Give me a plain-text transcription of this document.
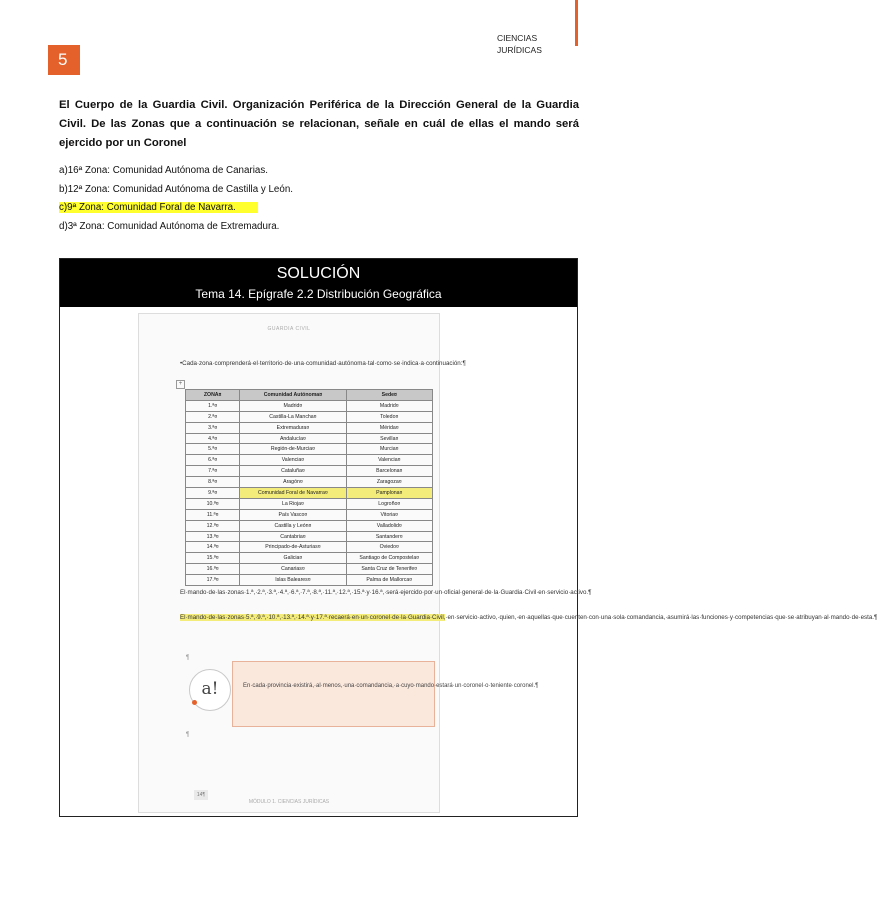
CIENCIAS
JURÍDICAS
5
El Cuerpo de la Guardia Civil. Organización Periférica de la Dirección General de la Guardia Civil. De las Zonas que a continuación se relacionan, señale en cuál de ellas el mando será ejercido por un Coronel
a)16ª Zona: Comunidad Autónoma de Canarias.
b)12ª Zona: Comunidad Autónoma de Castilla y León.
c)9ª Zona: Comunidad Foral de Navarra.
d)3ª Zona: Comunidad Autónoma de Extremadura.
SOLUCIÓN
Tema 14. Epígrafe 2.2 Distribución Geográfica
GUARDIA CIVIL
•Cada·zona·comprenderá·el·territorio·de·una·comunidad·autónoma·tal·como·se·indica·a·continuación:¶
+
ZONA¤	Comunidad Autónoma¤	Sede¤
1.ª¤	Madrid¤	Madrid¤
2.ª¤	Castilla-La Mancha¤	Toledo¤
3.ª¤	Extremadura¤	Mérida¤
4.ª¤	Andalucía¤	Sevilla¤
5.ª¤	Región-de-Murcia¤	Murcia¤
6.ª¤	Valencia¤	Valencia¤
7.ª¤	Cataluña¤	Barcelona¤
8.ª¤	Aragón¤	Zaragoza¤
9.ª¤	Comunidad Foral de Navarra¤	Pamplona¤
10.ª¤	La Rioja¤	Logroño¤
11.ª¤	País Vasco¤	Vitoria¤
12.ª¤	Castilla y León¤	Valladolid¤
13.ª¤	Cantabria¤	Santander¤
14.ª¤	Principado-de-Asturias¤	Oviedo¤
15.ª¤	Galicia¤	Santiago de Compostela¤
16.ª¤	Canarias¤	Santa Cruz de Tenerife¤
17.ª¤	Islas Baleares¤	Palma de Mallorca¤
El·mando·de·las·zonas·1.ª,·2.ª,·3.ª,·4.ª,·6.ª,·7.ª,·8.ª,·11.ª,·12.ª,·15.ª·y·16.ª,·será·ejercido·por·un·oficial·general·de·la·Guardia·Civil·en·servicio·activo.¶
El·mando·de·las·zonas·5.ª,·9.ª,·10.ª,·13.ª,·14.ª·y·17.ª·recaerá·en·un·coronel·de·la·Guardia·Civil,·en·servicio·activo,·quien,·en·aquellas·que·cuenten·con·una·sola·comandancia,·asumirá·las·funciones·y·competencias·que·se·atribuyan·al·mando·de·esta.¶
¶
En·cada·provincia·existirá,·al·menos,·una·comandancia,·a·cuyo·mando·estará·un·coronel·o·teniente·coronel.¶
a!
¶
14¶
MÓDULO 1. CIENCIAS JURÍDICAS
